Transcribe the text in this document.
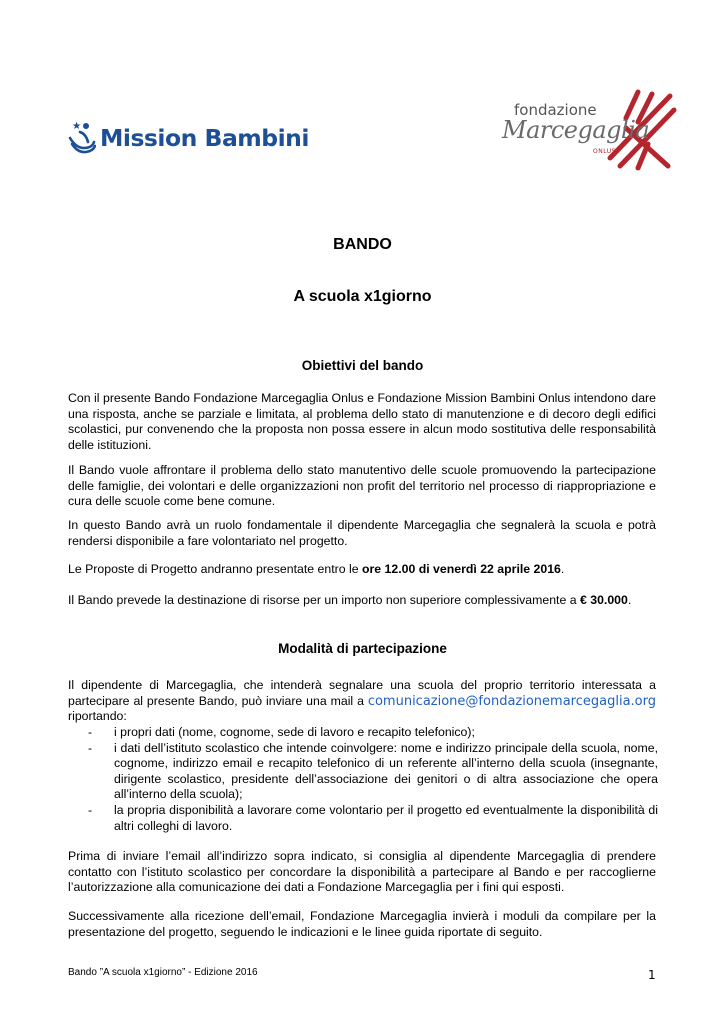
Mission Bambini
fondazione
Marcegaglia
ONLUS
BANDO
A scuola x1giorno
Obiettivi del bando
Con il presente Bando Fondazione Marcegaglia Onlus e Fondazione Mission Bambini Onlus intendono dare una risposta, anche se parziale e limitata, al problema dello stato di manutenzione e di decoro degli edifici scolastici, pur convenendo che la proposta non possa essere in alcun modo sostitutiva delle responsabilità delle istituzioni.
Il Bando vuole affrontare il problema dello stato manutentivo delle scuole promuovendo la partecipazione delle famiglie, dei volontari e delle organizzazioni non profit del territorio nel processo di riappropriazione e cura delle scuole come bene comune.
In questo Bando avrà un ruolo fondamentale il dipendente Marcegaglia che segnalerà la scuola e potrà rendersi disponibile a fare volontariato nel progetto.
Le Proposte di Progetto andranno presentate entro le ore 12.00 di venerdì 22 aprile 2016.
Il Bando prevede la destinazione di risorse per un importo non superiore complessivamente a € 30.000.
Modalità di partecipazione
Il dipendente di Marcegaglia, che intenderà segnalare una scuola del proprio territorio interessata a partecipare al presente Bando, può inviare una mail a comunicazione@fondazionemarcegaglia.org riportando:
-	i propri dati (nome, cognome, sede di lavoro e recapito telefonico);
-	i dati dell’istituto scolastico che intende coinvolgere: nome e indirizzo principale della scuola, nome, cognome, indirizzo email e recapito telefonico di un referente all’interno della scuola (insegnante, dirigente scolastico, presidente dell’associazione dei genitori o di altra associazione che opera all’interno della scuola);
-	la propria disponibilità a lavorare come volontario per il progetto ed eventualmente la disponibilità di altri colleghi di lavoro.
Prima di inviare l’email all’indirizzo sopra indicato, si consiglia al dipendente Marcegaglia di prendere contatto con l’istituto scolastico per concordare la disponibilità a partecipare al Bando e per raccoglierne l’autorizzazione alla comunicazione dei dati a Fondazione Marcegaglia per i fini qui esposti.
Successivamente alla ricezione dell’email, Fondazione Marcegaglia invierà i moduli da compilare per la presentazione del progetto, seguendo le indicazioni e le linee guida riportate di seguito.
Bando ”A scuola x1giorno” - Edizione 2016	1
